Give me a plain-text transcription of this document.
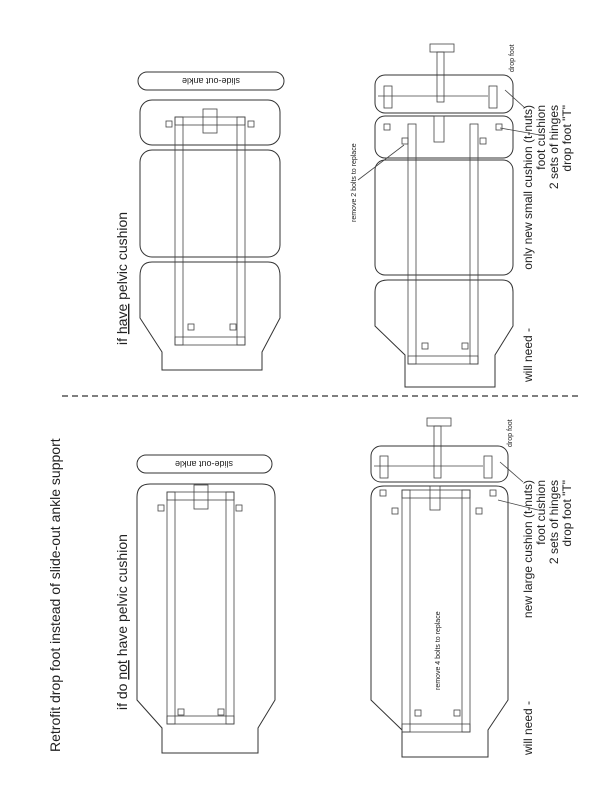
Retrofit drop foot instead of slide-out ankle support
if have pelvic cushion
slide-out ankle
drop foot
remove 2 bolts to replace
will need -
only new small cushion (t-nuts) foot cushion 2 sets of hinges drop foot "T"
if do not have pelvic cushion
slide-out ankle
drop foot
remove 4 bolts to replace
will need -
new large cushion (t-nuts) foot cushion 2 sets of hinges drop foot "T"
